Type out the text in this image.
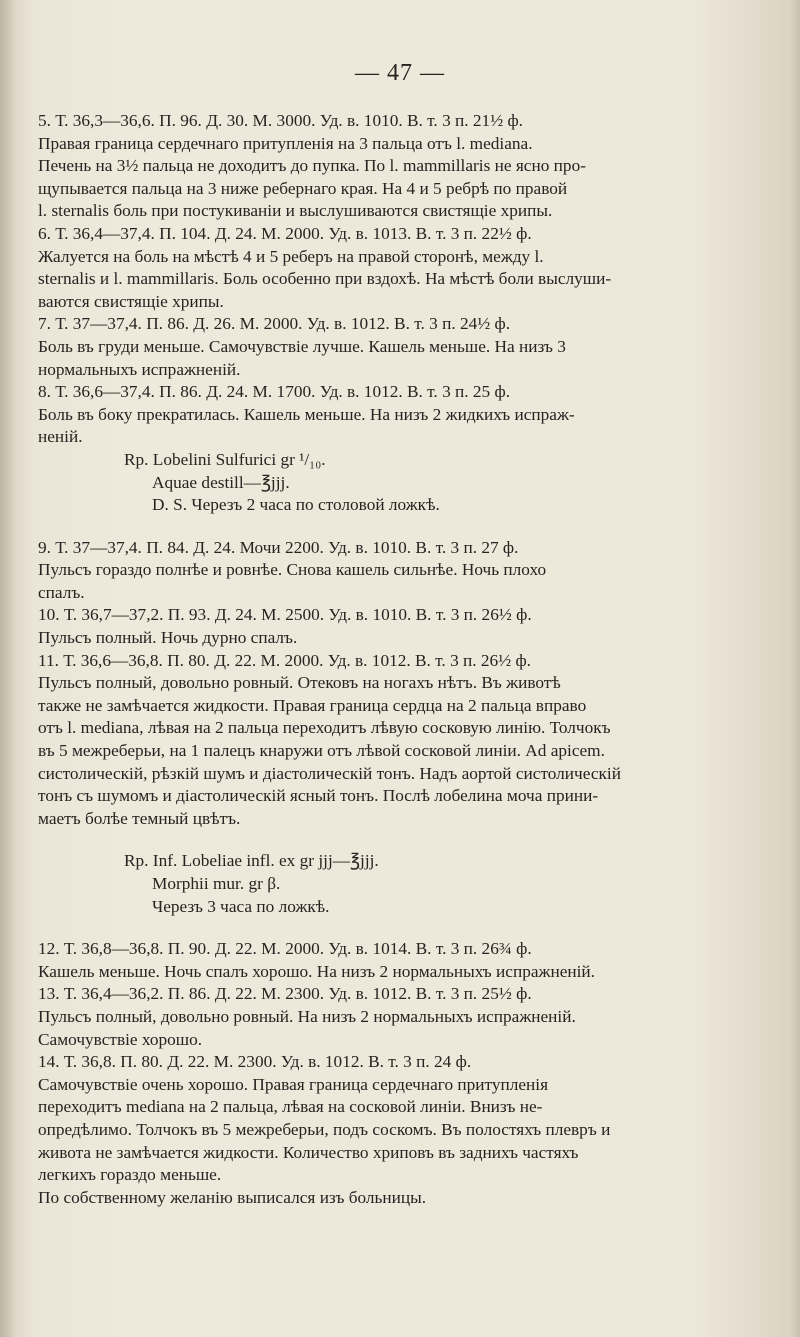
— 47 —
5. Т. 36,3—36,6. П. 96. Д. 30. М. 3000. Уд. в. 1010. В. т. 3 п. 21½ ф.
Правая граница сердечнаго притупленія на 3 пальца отъ l. mediana.
Печень на 3½ пальца не доходитъ до пупка. По l. mammillaris не ясно про-
щупывается пальца на 3 ниже ребернаго края. На 4 и 5 ребрѣ по правой
l. sternalis боль при постукиваніи и выслушиваются свистящіе хрипы.
6. Т. 36,4—37,4. П. 104. Д. 24. М. 2000. Уд. в. 1013. В. т. 3 п. 22½ ф.
Жалуется на боль на мѣстѣ 4 и 5 реберъ на правой сторонѣ, между l.
sternalis и l. mammillaris. Боль особенно при вздохѣ. На мѣстѣ боли выслуши-
ваются свистящіе хрипы.
7. Т. 37—37,4. П. 86. Д. 26. М. 2000. Уд. в. 1012. В. т. 3 п. 24½ ф.
Боль въ груди меньше. Самочувствіе лучше. Кашель меньше. На низъ 3
нормальныхъ испражненій.
8. Т. 36,6—37,4. П. 86. Д. 24. М. 1700. Уд. в. 1012. В. т. 3 п. 25 ф.
Боль въ боку прекратилась. Кашель меньше. На низъ 2 жидкихъ испраж-
неній.
Rp. Lobelini Sulfurici gr ¹/₁₀.
Aquae destill—℥jjj.
D. S. Черезъ 2 часа по столовой ложкѣ.
9. Т. 37—37,4. П. 84. Д. 24. Мочи 2200. Уд. в. 1010. В. т. 3 п. 27 ф.
Пульсъ гораздо полнѣе и ровнѣе. Снова кашель сильнѣе. Ночь плохо
спалъ.
10. Т. 36,7—37,2. П. 93. Д. 24. М. 2500. Уд. в. 1010. В. т. 3 п. 26½ ф.
Пульсъ полный. Ночь дурно спалъ.
11. Т. 36,6—36,8. П. 80. Д. 22. М. 2000. Уд. в. 1012. В. т. 3 п. 26½ ф.
Пульсъ полный, довольно ровный. Отековъ на ногахъ нѣтъ. Въ животѣ
также не замѣчается жидкости. Правая граница сердца на 2 пальца вправо
отъ l. mediana, лѣвая на 2 пальца переходитъ лѣвую сосковую линію. Толчокъ
въ 5 межреберьи, на 1 палецъ кнаружи отъ лѣвой сосковой линіи. Ad apicem.
систолическій, рѣзкій шумъ и діастолическій тонъ. Надъ аортой систолическій
тонъ съ шумомъ и діастолическій ясный тонъ. Послѣ лобелина моча прини-
маетъ болѣе темный цвѣтъ.
Rp. Inf. Lobeliae infl. ex gr jjj—℥jjj.
Morphii mur. gr β.
Черезъ 3 часа по ложкѣ.
12. Т. 36,8—36,8. П. 90. Д. 22. М. 2000. Уд. в. 1014. В. т. 3 п. 26¾ ф.
Кашель меньше. Ночь спалъ хорошо. На низъ 2 нормальныхъ испражненій.
13. Т. 36,4—36,2. П. 86. Д. 22. М. 2300. Уд. в. 1012. В. т. 3 п. 25½ ф.
Пульсъ полный, довольно ровный. На низъ 2 нормальныхъ испражненій.
Самочувствіе хорошо.
14. Т. 36,8. П. 80. Д. 22. М. 2300. Уд. в. 1012. В. т. 3 п. 24 ф.
Самочувствіе очень хорошо. Правая граница сердечнаго притупленія
переходитъ mediana на 2 пальца, лѣвая на сосковой линіи. Внизъ не-
опредѣлимо. Толчокъ въ 5 межреберьи, подъ соскомъ. Въ полостяхъ плевръ и
живота не замѣчается жидкости. Количество хриповъ въ заднихъ частяхъ
легкихъ гораздо меньше.
По собственному желанію выписался изъ больницы.
